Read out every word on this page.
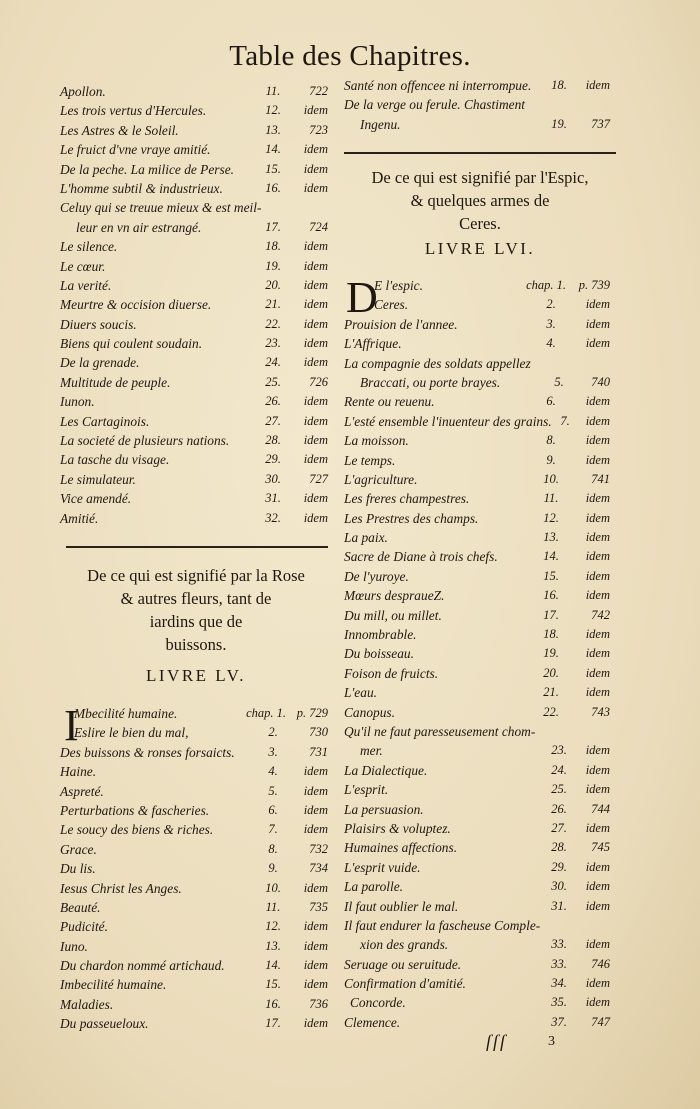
Table des Chapitres.
Apollon.	11.	722
Les trois vertus d'Hercules.	12.	idem
Les Astres & le Soleil.	13.	723
Le fruict d'vne vraye amitié.	14.	idem
De la peche. La milice de Perse.	15.	idem
L'homme subtil & industrieux.	16.	idem
Celuy qui se treuue mieux & est meil-
leur en vn air estrangé.	17.	724
Le silence.	18.	idem
Le cœur.	19.	idem
La verité.	20.	idem
Meurtre & occision diuerse.	21.	idem
Diuers soucis.	22.	idem
Biens qui coulent soudain.	23.	idem
De la grenade.	24.	idem
Multitude de peuple.	25.	726
Iunon.	26.	idem
Les Cartaginois.	27.	idem
La societé de plusieurs nations.	28.	idem
La tasche du visage.	29.	idem
Le simulateur.	30.	727
Vice amendé.	31.	idem
Amitié.	32.	idem
De ce qui est signifié par la Rose
& autres fleurs, tant de
iardins que de
buissons.
LIVRE LV.
I
Mbecilité humaine.	chap. 1. p. 729
Eslire le bien du mal,	2.	730
Des buissons & ronses forsaicts.	3.	731
Haine.	4.	idem
Aspreté.	5.	idem
Perturbations & fascheries.	6.	idem
Le soucy des biens & riches.	7.	idem
Grace.	8.	732
Du lis.	9.	734
Iesus Christ les Anges.	10.	idem
Beauté.	11.	735
Pudicité.	12.	idem
Iuno.	13.	idem
Du chardon nommé artichaud.	14.	idem
Imbecilité humaine.	15.	idem
Maladies.	16.	736
Du passeueloux.	17.	idem
Santé non offencee ni interrompue.	18.	idem
De la verge ou ferule. Chastiment
Ingenu.	19.	737
De ce qui est signifié par l'Espic,
& quelques armes de
Ceres.
LIVRE LVI.
D
E l'espic.	chap. 1.	p. 739
Ceres.	2.	idem
Prouision de l'annee.	3.	idem
L'Affrique.	4.	idem
La compagnie des soldats appellez
Braccati, ou porte brayes.	5.	740
Rente ou reuenu.	6.	idem
L'esté ensemble l'inuenteur des grains. 7.	idem
La moisson.	8.	idem
Le temps.	9.	idem
L'agriculture.	10.	741
Les freres champestres.	11.	idem
Les Prestres des champs.	12.	idem
La paix.	13.	idem
Sacre de Diane à trois chefs.	14.	idem
De l'yuroye.	15.	idem
Mœurs despraueZ.	16.	idem
Du mill, ou millet.	17.	742
Innombrable.	18.	idem
Du boisseau.	19.	idem
Foison de fruicts.	20.	idem
L'eau.	21.	idem
Canopus.	22.	743
Qu'il ne faut paresseusement chom-
mer.	23.	idem
La Dialectique.	24.	idem
L'esprit.	25.	idem
La persuasion.	26.	744
Plaisirs & voluptez.	27.	idem
Humaines affections.	28.	745
L'esprit vuide.	29.	idem
La parolle.	30.	idem
Il faut oublier le mal.	31.	idem
Il faut endurer la fascheuse Comple-
xion des grands.	33.	idem
Seruage ou seruitude.	33.	746
Confirmation d'amitié.	34.	idem
Concorde.	35.	idem
Clemence.	37.	747
ſſſ	3
